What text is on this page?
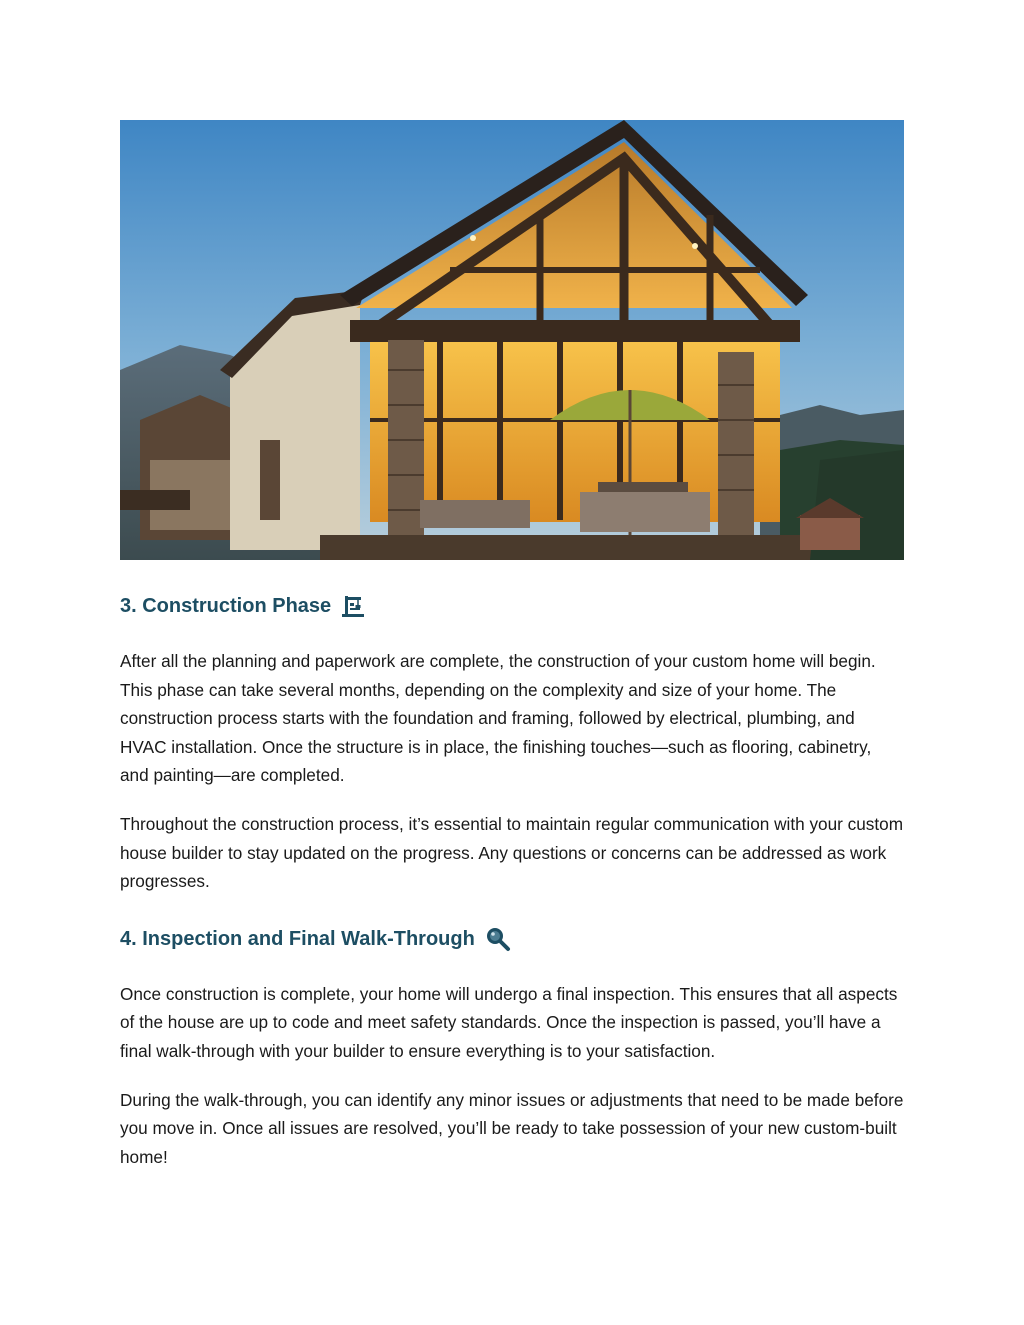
3. Construction Phase

After all the planning and paperwork are complete, the construction of your custom home will begin. This phase can take several months, depending on the complexity and size of your home. The construction process starts with the foundation and framing, followed by electrical, plumbing, and HVAC installation. Once the structure is in place, the finishing touches—such as flooring, cabinetry, and painting—are completed.

Throughout the construction process, it’s essential to maintain regular communication with your custom house builder to stay updated on the progress. Any questions or concerns can be addressed as work progresses.

4. Inspection and Final Walk-Through

Once construction is complete, your home will undergo a final inspection. This ensures that all aspects of the house are up to code and meet safety standards. Once the inspection is passed, you’ll have a final walk-through with your builder to ensure everything is to your satisfaction.

During the walk-through, you can identify any minor issues or adjustments that need to be made before you move in. Once all issues are resolved, you’ll be ready to take possession of your new custom-built home!
